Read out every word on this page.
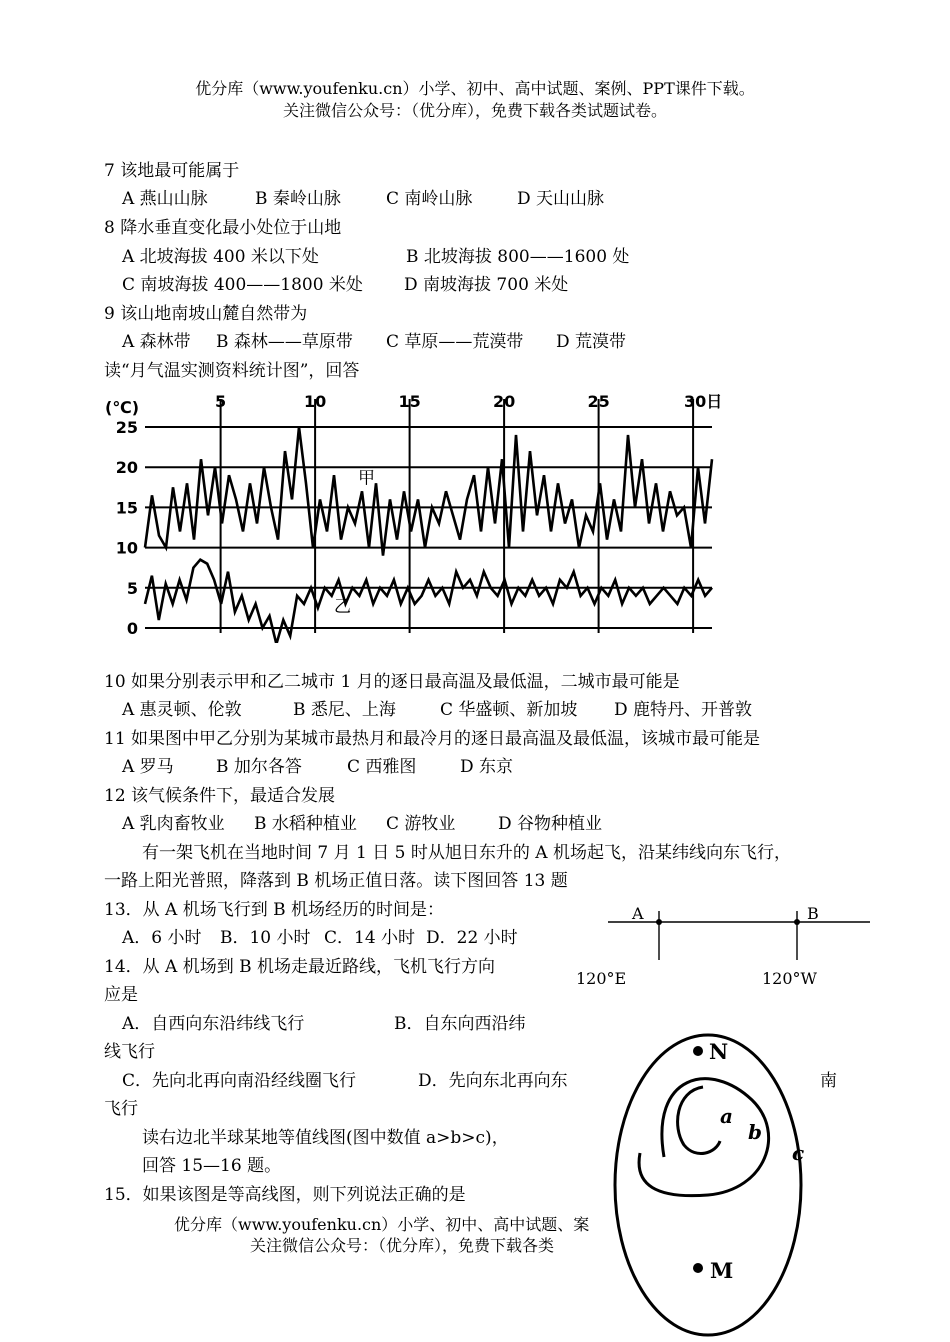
优分库（www.youfenku.cn）小学、初中、高中试题、案例、PPT课件下载。
关注微信公众号：（优分库），免费下载各类试题试卷。
7 该地最可能属于
A 燕山山脉	B 秦岭山脉	C 南岭山脉	D 天山山脉
8 降水垂直变化最小处位于山地
A 北坡海拔 400 米以下处	B 北坡海拔 800——1600 处
C 南坡海拔 400——1800 米处 D 南坡海拔 700 米处
9 该山地南坡山麓自然带为
A 森林带 B 森林——草原带 C 草原——荒漠带 D 荒漠带
读“月气温实测资料统计图”，回答
25
20
15
10
5
0
5	10	15	20	25	30日
(℃)
甲
乙
10 如果分别表示甲和乙二城市 1 月的逐日最高温及最低温，二城市最可能是
A 惠灵顿、伦敦	B 悉尼、上海	C 华盛顿、新加坡 D 鹿特丹、开普敦
11 如果图中甲乙分别为某城市最热月和最冷月的逐日最高温及最低温，该城市最可能是
A 罗马 B 加尔各答	C 西雅图	D 东京
12 该气候条件下，最适合发展
A 乳肉畜牧业 B 水稻种植业 C 游牧业	D 谷物种植业
有一架飞机在当地时间 7 月 1 日 5 时从旭日东升的 A 机场起飞，沿某纬线向东飞行，
一路上阳光普照，降落到 B 机场正值日落。读下图回答 13 题
13．从 A 机场飞行到 B 机场经历的时间是：
A．6 小时 B．10 小时 C．14 小时 D．22 小时
14．从 A 机场到 B 机场走最近路线，飞机飞行方向
应是
A．自西向东沿纬线飞行	B．自东向西沿纬
线飞行
C．先向北再向南沿经线圈飞行	D．先向东北再向东	南
飞行
读右边北半球某地等值线图(图中数值 a>b>c)，
回答 15—16 题。
15．如果该图是等高线图，则下列说法正确的是
A	B
120°E	120°W
N
M
a
b
c
优分库（www.youfenku.cn）小学、初中、高中试题、案
关注微信公众号：（优分库），免费下载各类
